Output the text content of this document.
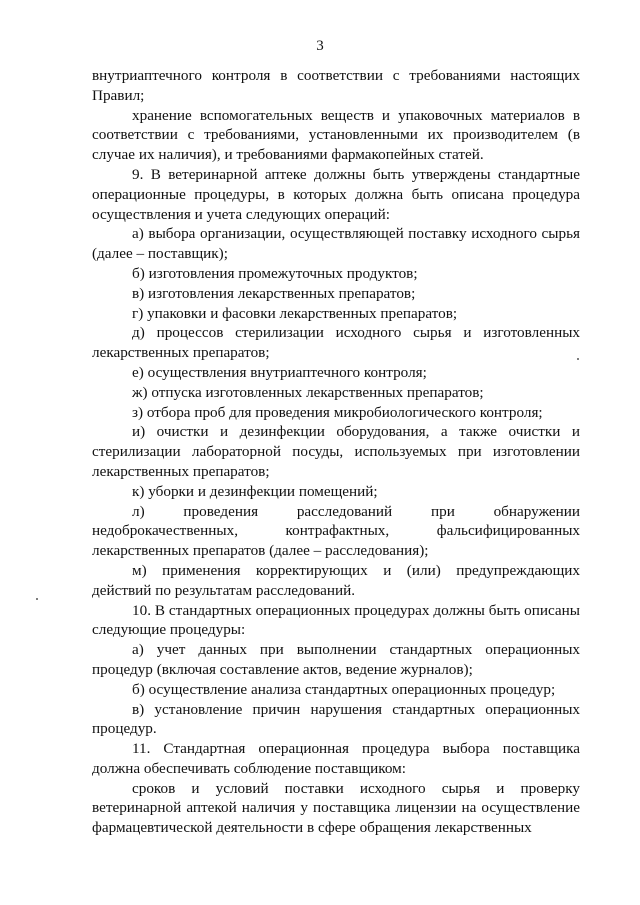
3

внутриаптечного контроля в соответствии с требованиями настоящих Правил;

хранение вспомогательных веществ и упаковочных материалов в соответствии с требованиями, установленными их производителем (в случае их наличия), и требованиями фармакопейных статей.

9. В ветеринарной аптеке должны быть утверждены стандартные операционные процедуры, в которых должна быть описана процедура осуществления и учета следующих операций:

а) выбора организации, осуществляющей поставку исходного сырья (далее – поставщик);

б) изготовления промежуточных продуктов;

в) изготовления лекарственных препаратов;

г) упаковки и фасовки лекарственных препаратов;

д) процессов стерилизации исходного сырья и изготовленных лекарственных препаратов;

е) осуществления внутриаптечного контроля;

ж) отпуска изготовленных лекарственных препаратов;

з) отбора проб для проведения микробиологического контроля;

и) очистки и дезинфекции оборудования, а также очистки и стерилизации лабораторной посуды, используемых при изготовлении лекарственных препаратов;

к) уборки и дезинфекции помещений;

л) проведения расследований при обнаружении недоброкачественных, контрафактных, фальсифицированных лекарственных препаратов (далее – расследования);

м) применения корректирующих и (или) предупреждающих действий по результатам расследований.

10. В стандартных операционных процедурах должны быть описаны следующие процедуры:

а) учет данных при выполнении стандартных операционных процедур (включая составление актов, ведение журналов);

б) осуществление анализа стандартных операционных процедур;

в) установление причин нарушения стандартных операционных процедур.

11. Стандартная операционная процедура выбора поставщика должна обеспечивать соблюдение поставщиком:

сроков и условий поставки исходного сырья и проверку ветеринарной аптекой наличия у поставщика лицензии на осуществление фармацевтической деятельности в сфере обращения лекарственных
